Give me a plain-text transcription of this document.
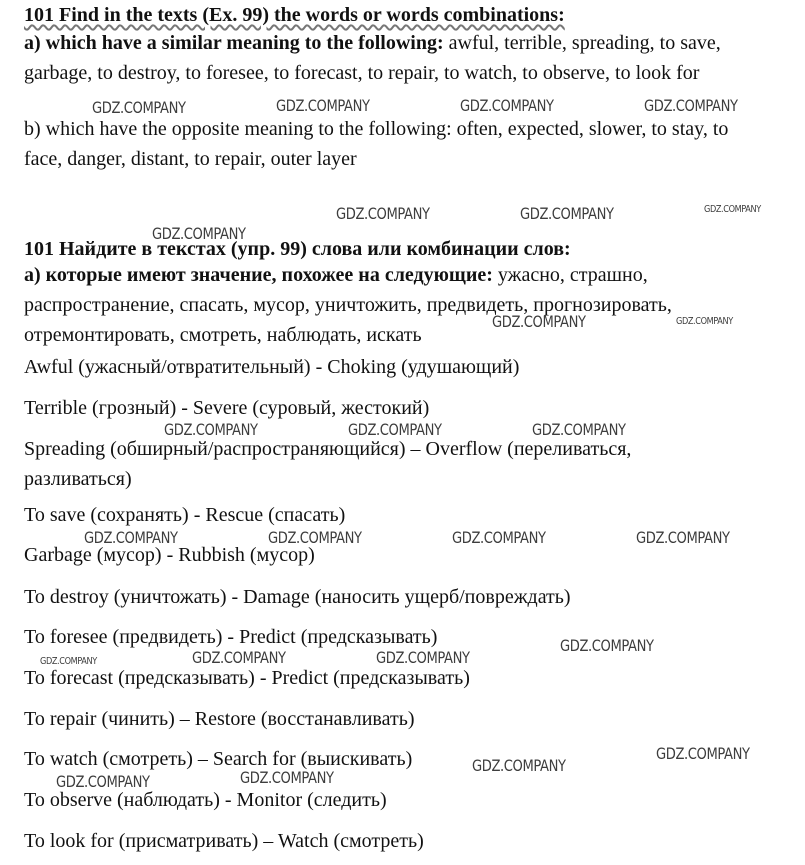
101 Find in the texts (Ex. 99) the words or words combinations:

a) which have a similar meaning to the following: awful, terrible, spreading, to save, garbage, to destroy, to foresee, to forecast, to repair, to watch, to observe, to look for

b) which have the opposite meaning to the following: often, expected, slower, to stay, to face, danger, distant, to repair, outer layer

101 Найдите в текстах (упр. 99) слова или комбинации слов:

а) которые имеют значение, похожее на следующие: ужасно, страшно, распространение, спасать, мусор, уничтожить, предвидеть, прогнозировать, отремонтировать, смотреть, наблюдать, искать

Awful (ужасный/отвратительный) - Choking (удушающий)

Terrible (грозный) - Severe (суровый, жестокий)

Spreading (обширный/распространяющийся) – Overflow (переливаться, разливаться)

To save (сохранять) - Rescue (спасать)

Garbage (мусор) - Rubbish (мусор)

To destroy (уничтожать) - Damage (наносить ущерб/повреждать)

To foresee (предвидеть) - Predict (предсказывать)

To forecast (предсказывать) - Predict (предсказывать)

To repair (чинить) – Restore (восстанавливать)

To watch (смотреть) – Search for (выискивать)

To observe (наблюдать) - Monitor (следить)

To look for (присматривать) – Watch (смотреть)

GDZ.COMPANY	GDZ.COMPANY	GDZ.COMPANY	GDZ.COMPANY
GDZ.COMPANY	GDZ.COMPANY	GDZ.COMPANY
GDZ.COMPANY
GDZ.COMPANY	GDZ.COMPANY
GDZ.COMPANY	GDZ.COMPANY	GDZ.COMPANY
GDZ.COMPANY	GDZ.COMPANY	GDZ.COMPANY	GDZ.COMPANY
GDZ.COMPANY
GDZ.COMPANY	GDZ.COMPANY	GDZ.COMPANY
GDZ.COMPANY
GDZ.COMPANY
GDZ.COMPANY	GDZ.COMPANY
